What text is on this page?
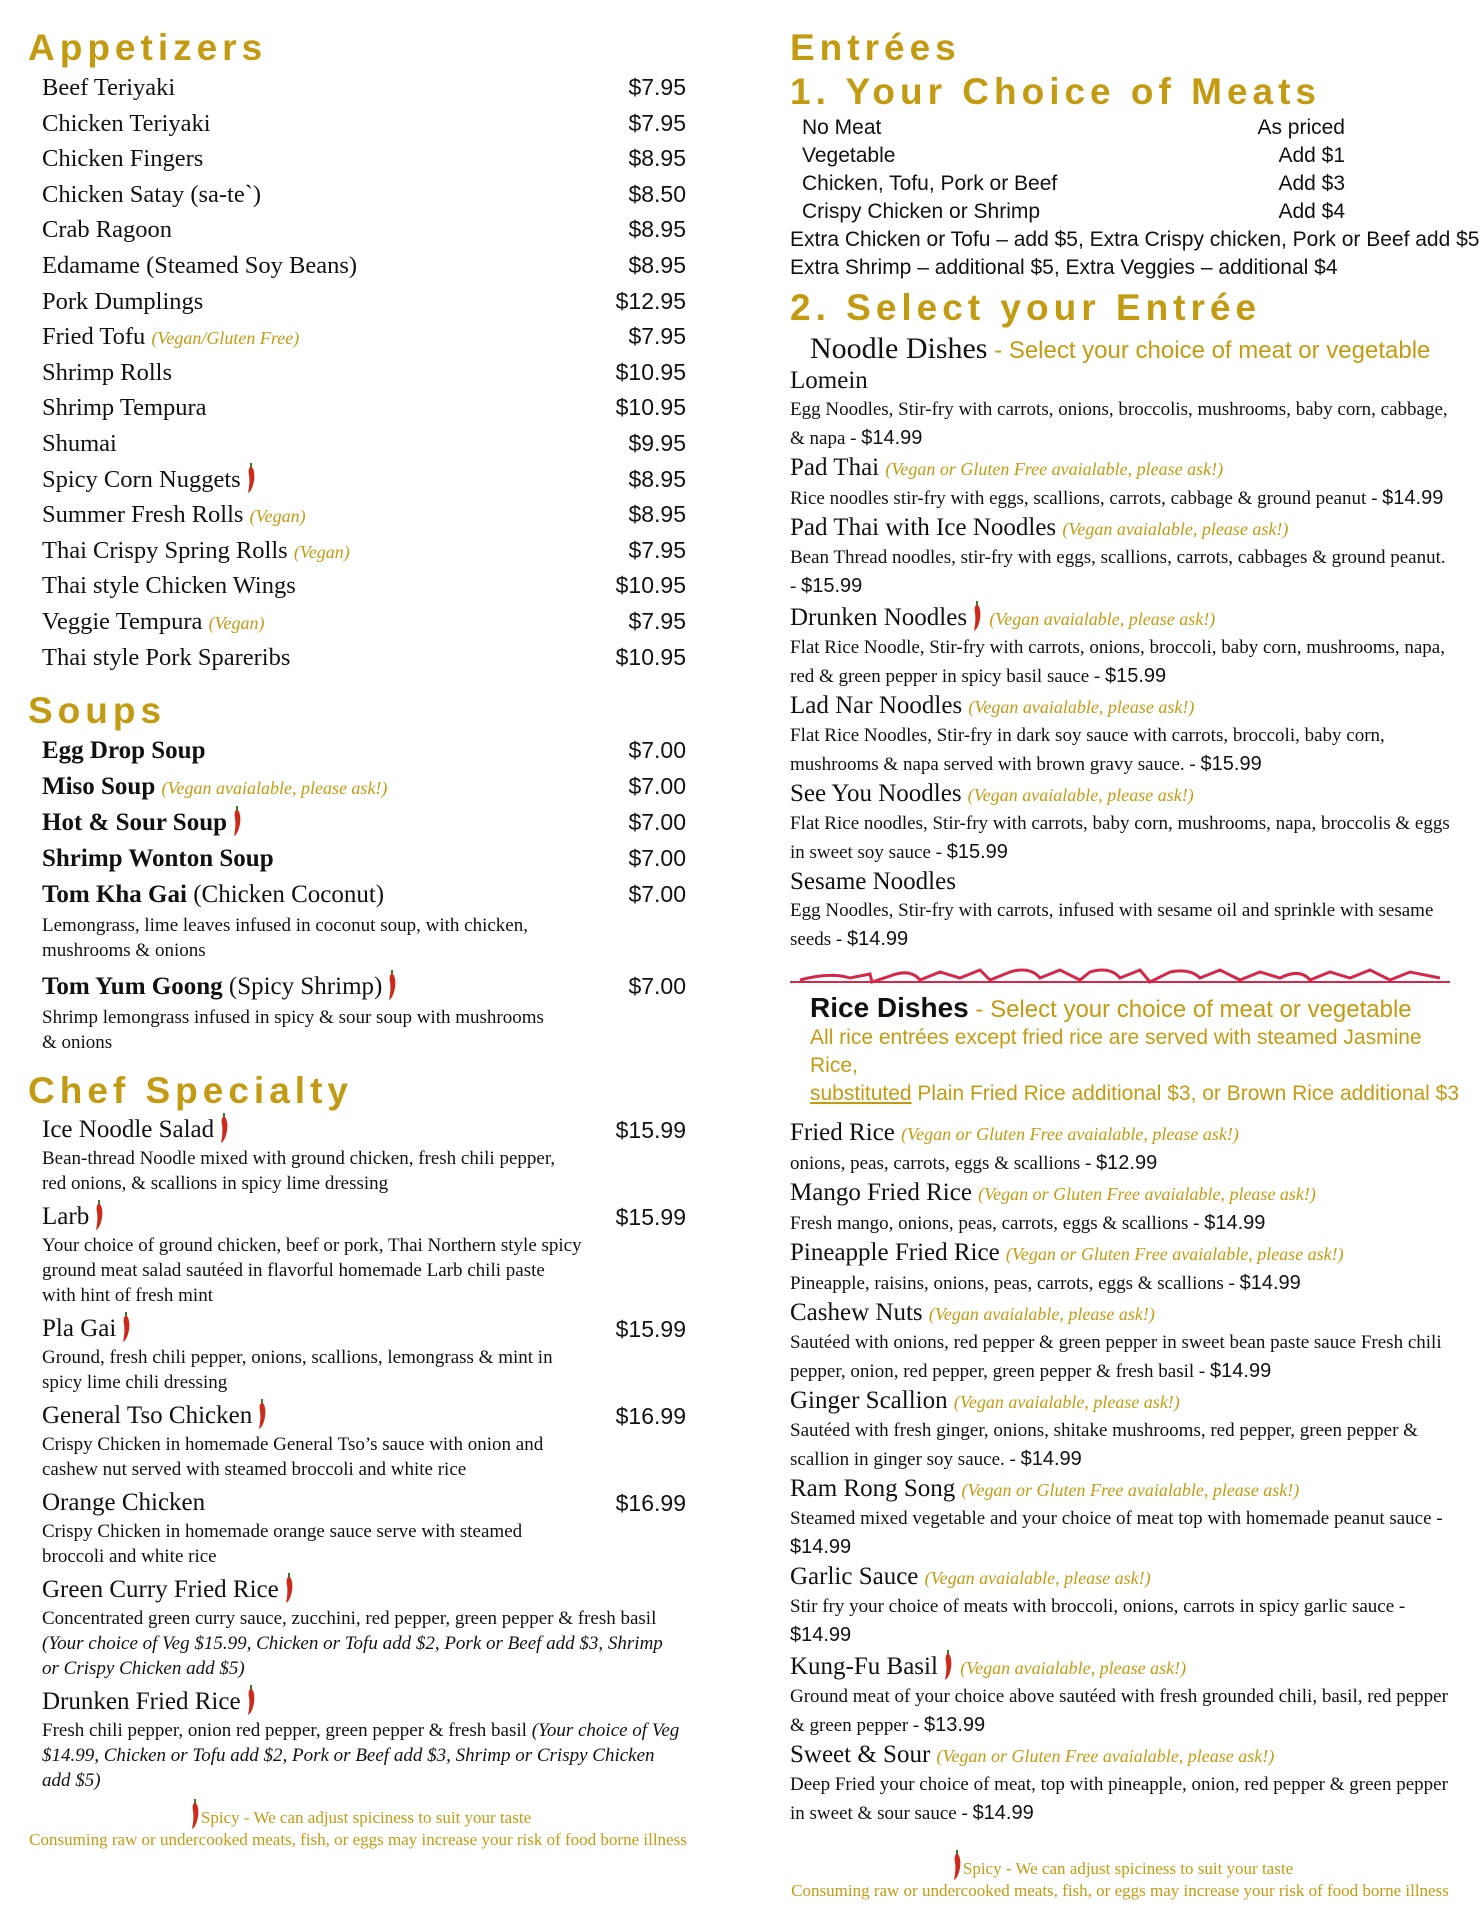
Appetizers
Beef Teriyaki	$7.95
Chicken Teriyaki	$7.95
Chicken Fingers	$8.95
Chicken Satay (sa-te`)	$8.50
Crab Ragoon	$8.95
Edamame (Steamed Soy Beans)	$8.95
Pork Dumplings	$12.95
Fried Tofu (Vegan/Gluten Free)	$7.95
Shrimp Rolls	$10.95
Shrimp Tempura	$10.95
Shumai	$9.95
Spicy Corn Nuggets	$8.95
Summer Fresh Rolls (Vegan)	$8.95
Thai Crispy Spring Rolls (Vegan)	$7.95
Thai style Chicken Wings	$10.95
Veggie Tempura (Vegan)	$7.95
Thai style Pork Spareribs	$10.95
Soups
Egg Drop Soup	$7.00
Miso Soup (Vegan avaialable, please ask!)	$7.00
Hot & Sour Soup	$7.00
Shrimp Wonton Soup	$7.00
Tom Kha Gai (Chicken Coconut)	$7.00
Lemongrass, lime leaves infused in coconut soup, with chicken, mushrooms & onions
Tom Yum Goong (Spicy Shrimp)	$7.00
Shrimp lemongrass infused in spicy & sour soup with mushrooms & onions
Chef Specialty
Ice Noodle Salad	$15.99
Bean-thread Noodle mixed with ground chicken, fresh chili pepper, red onions, & scallions in spicy lime dressing
Larb	$15.99
Your choice of ground chicken, beef or pork, Thai Northern style spicy ground meat salad sautéed in flavorful homemade Larb chili paste with hint of fresh mint
Pla Gai	$15.99
Ground, fresh chili pepper, onions, scallions, lemongrass & mint in spicy lime chili dressing
General Tso Chicken	$16.99
Crispy Chicken in homemade General Tso’s sauce with onion and cashew nut served with steamed broccoli and white rice
Orange Chicken	$16.99
Crispy Chicken in homemade orange sauce serve with steamed broccoli and white rice
Green Curry Fried Rice
Concentrated green curry sauce, zucchini, red pepper, green pepper & fresh basil (Your choice of Veg $15.99, Chicken or Tofu add $2, Pork or Beef add $3, Shrimp or Crispy Chicken add $5)
Drunken Fried Rice
Fresh chili pepper, onion red pepper, green pepper & fresh basil (Your choice of Veg $14.99, Chicken or Tofu add $2, Pork or Beef add $3, Shrimp or Crispy Chicken add $5)
Spicy - We can adjust spiciness to suit your taste
Consuming raw or undercooked meats, fish, or eggs may increase your risk of food borne illness
Entrées
1. Your Choice of Meats
No Meat	As priced
Vegetable	Add $1
Chicken, Tofu, Pork or Beef	Add $3
Crispy Chicken or Shrimp	Add $4
Extra Chicken or Tofu – add $5, Extra Crispy chicken, Pork or Beef add $5
Extra Shrimp – additional $5, Extra Veggies – additional $4
2. Select your Entrée
Noodle Dishes - Select your choice of meat or vegetable
Lomein
Egg Noodles, Stir-fry with carrots, onions, broccolis, mushrooms, baby corn, cabbage, & napa - $14.99
Pad Thai (Vegan or Gluten Free avaialable, please ask!)
Rice noodles stir-fry with eggs, scallions, carrots, cabbage & ground peanut - $14.99
Pad Thai with Ice Noodles (Vegan avaialable, please ask!)
Bean Thread noodles, stir-fry with eggs, scallions, carrots, cabbages & ground peanut. - $15.99
Drunken Noodles (Vegan avaialable, please ask!)
Flat Rice Noodle, Stir-fry with carrots, onions, broccoli, baby corn, mushrooms, napa, red & green pepper in spicy basil sauce - $15.99
Lad Nar Noodles (Vegan avaialable, please ask!)
Flat Rice Noodles, Stir-fry in dark soy sauce with carrots, broccoli, baby corn, mushrooms & napa served with brown gravy sauce. - $15.99
See You Noodles (Vegan avaialable, please ask!)
Flat Rice noodles, Stir-fry with carrots, baby corn, mushrooms, napa, broccolis & eggs in sweet soy sauce - $15.99
Sesame Noodles
Egg Noodles, Stir-fry with carrots, infused with sesame oil and sprinkle with sesame seeds - $14.99
Rice Dishes - Select your choice of meat or vegetable
All rice entrées except fried rice are served with steamed Jasmine Rice,
substituted Plain Fried Rice additional $3, or Brown Rice additional $3
Fried Rice (Vegan or Gluten Free avaialable, please ask!)
onions, peas, carrots, eggs & scallions - $12.99
Mango Fried Rice (Vegan or Gluten Free avaialable, please ask!)
Fresh mango, onions, peas, carrots, eggs & scallions - $14.99
Pineapple Fried Rice (Vegan or Gluten Free avaialable, please ask!)
Pineapple, raisins, onions, peas, carrots, eggs & scallions - $14.99
Cashew Nuts (Vegan avaialable, please ask!)
Sautéed with onions, red pepper & green pepper in sweet bean paste sauce Fresh chili pepper, onion, red pepper, green pepper & fresh basil - $14.99
Ginger Scallion (Vegan avaialable, please ask!)
Sautéed with fresh ginger, onions, shitake mushrooms, red pepper, green pepper & scallion in ginger soy sauce. - $14.99
Ram Rong Song (Vegan or Gluten Free avaialable, please ask!)
Steamed mixed vegetable and your choice of meat top with homemade peanut sauce - $14.99
Garlic Sauce (Vegan avaialable, please ask!)
Stir fry your choice of meats with broccoli, onions, carrots in spicy garlic sauce - $14.99
Kung-Fu Basil (Vegan avaialable, please ask!)
Ground meat of your choice above sautéed with fresh grounded chili, basil, red pepper & green pepper - $13.99
Sweet & Sour (Vegan or Gluten Free avaialable, please ask!)
Deep Fried your choice of meat, top with pineapple, onion, red pepper & green pepper in sweet & sour sauce - $14.99
Spicy - We can adjust spiciness to suit your taste
Consuming raw or undercooked meats, fish, or eggs may increase your risk of food borne illness
